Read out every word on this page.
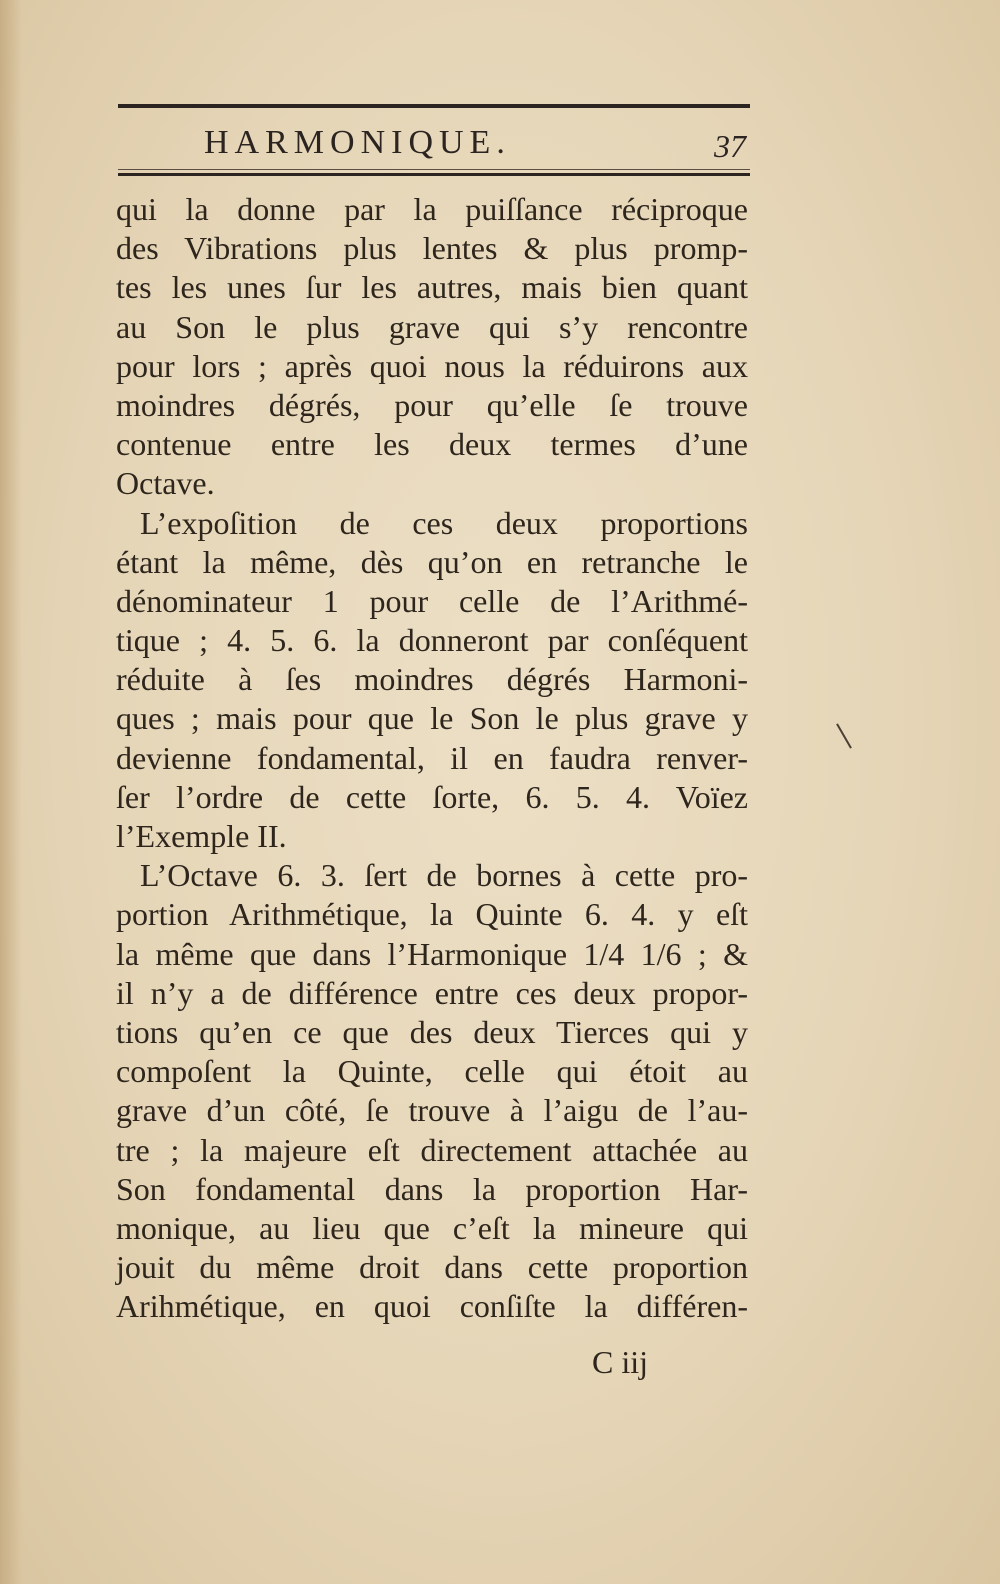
HARMONIQUE.	37
qui la donne par la puiſſance réciproque
des Vibrations plus lentes & plus promp-
tes les unes ſur les autres, mais bien quant
au Son le plus grave qui s’y rencontre
pour lors ; après quoi nous la réduirons aux
moindres dégrés, pour qu’elle ſe trouve
contenue entre les deux termes d’une
Octave.
L’expoſition de ces deux proportions
étant la même, dès qu’on en retranche le
dénominateur 1 pour celle de l’Arithmé-
tique ; 4. 5. 6. la donneront par conſéquent
réduite à ſes moindres dégrés Harmoni-
ques ; mais pour que le Son le plus grave y
devienne fondamental, il en faudra renver-
ſer l’ordre de cette ſorte, 6. 5. 4. Voïez
l’Exemple II.
L’Octave 6. 3. ſert de bornes à cette pro-
portion Arithmétique, la Quinte 6. 4. y eſt
la même que dans l’Harmonique 1/4 1/6 ; &
il n’y a de différence entre ces deux propor-
tions qu’en ce que des deux Tierces qui y
compoſent la Quinte, celle qui étoit au
grave d’un côté, ſe trouve à l’aigu de l’au-
tre ; la majeure eſt directement attachée au
Son fondamental dans la proportion Har-
monique, au lieu que c’eſt la mineure qui
jouit du même droit dans cette proportion
Arihmétique, en quoi conſiſte la différen-
C iij
